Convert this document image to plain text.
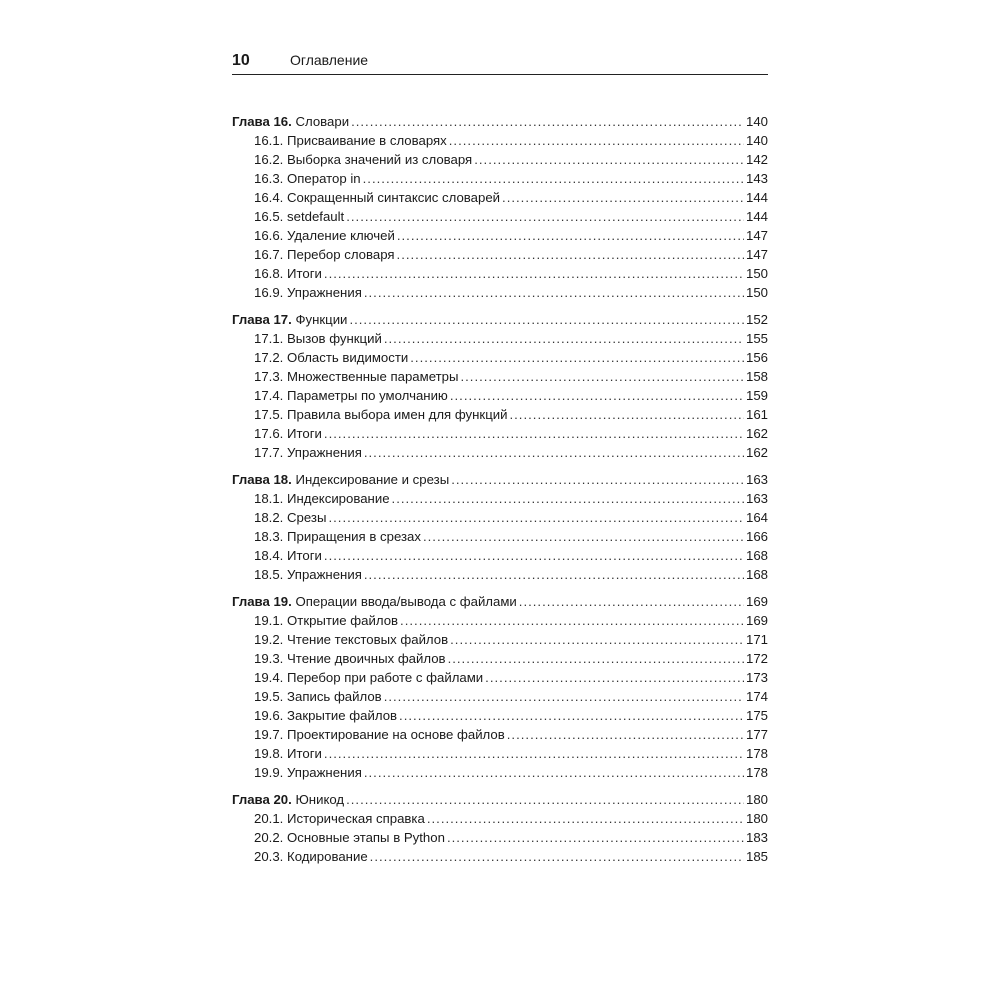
10	Оглавление
Глава 16. Словари .....	140
16.1. Присваивание в словарях .....	140
16.2. Выборка значений из словаря .....	142
16.3. Оператор in .....	143
16.4. Сокращенный синтаксис словарей .....	144
16.5. setdefault .....	144
16.6. Удаление ключей .....	147
16.7. Перебор словаря .....	147
16.8. Итоги .....	150
16.9. Упражнения .....	150
Глава 17. Функции .....	152
17.1. Вызов функций .....	155
17.2. Область видимости .....	156
17.3. Множественные параметры .....	158
17.4. Параметры по умолчанию .....	159
17.5. Правила выбора имен для функций .....	161
17.6. Итоги .....	162
17.7. Упражнения .....	162
Глава 18. Индексирование и срезы .....	163
18.1. Индексирование .....	163
18.2. Срезы .....	164
18.3. Приращения в срезах .....	166
18.4. Итоги .....	168
18.5. Упражнения .....	168
Глава 19. Операции ввода/вывода с файлами .....	169
19.1. Открытие файлов .....	169
19.2. Чтение текстовых файлов .....	171
19.3. Чтение двоичных файлов .....	172
19.4. Перебор при работе с файлами .....	173
19.5. Запись файлов .....	174
19.6. Закрытие файлов .....	175
19.7. Проектирование на основе файлов .....	177
19.8. Итоги .....	178
19.9. Упражнения .....	178
Глава 20. Юникод .....	180
20.1. Историческая справка .....	180
20.2. Основные этапы в Python .....	183
20.3. Кодирование .....	185
